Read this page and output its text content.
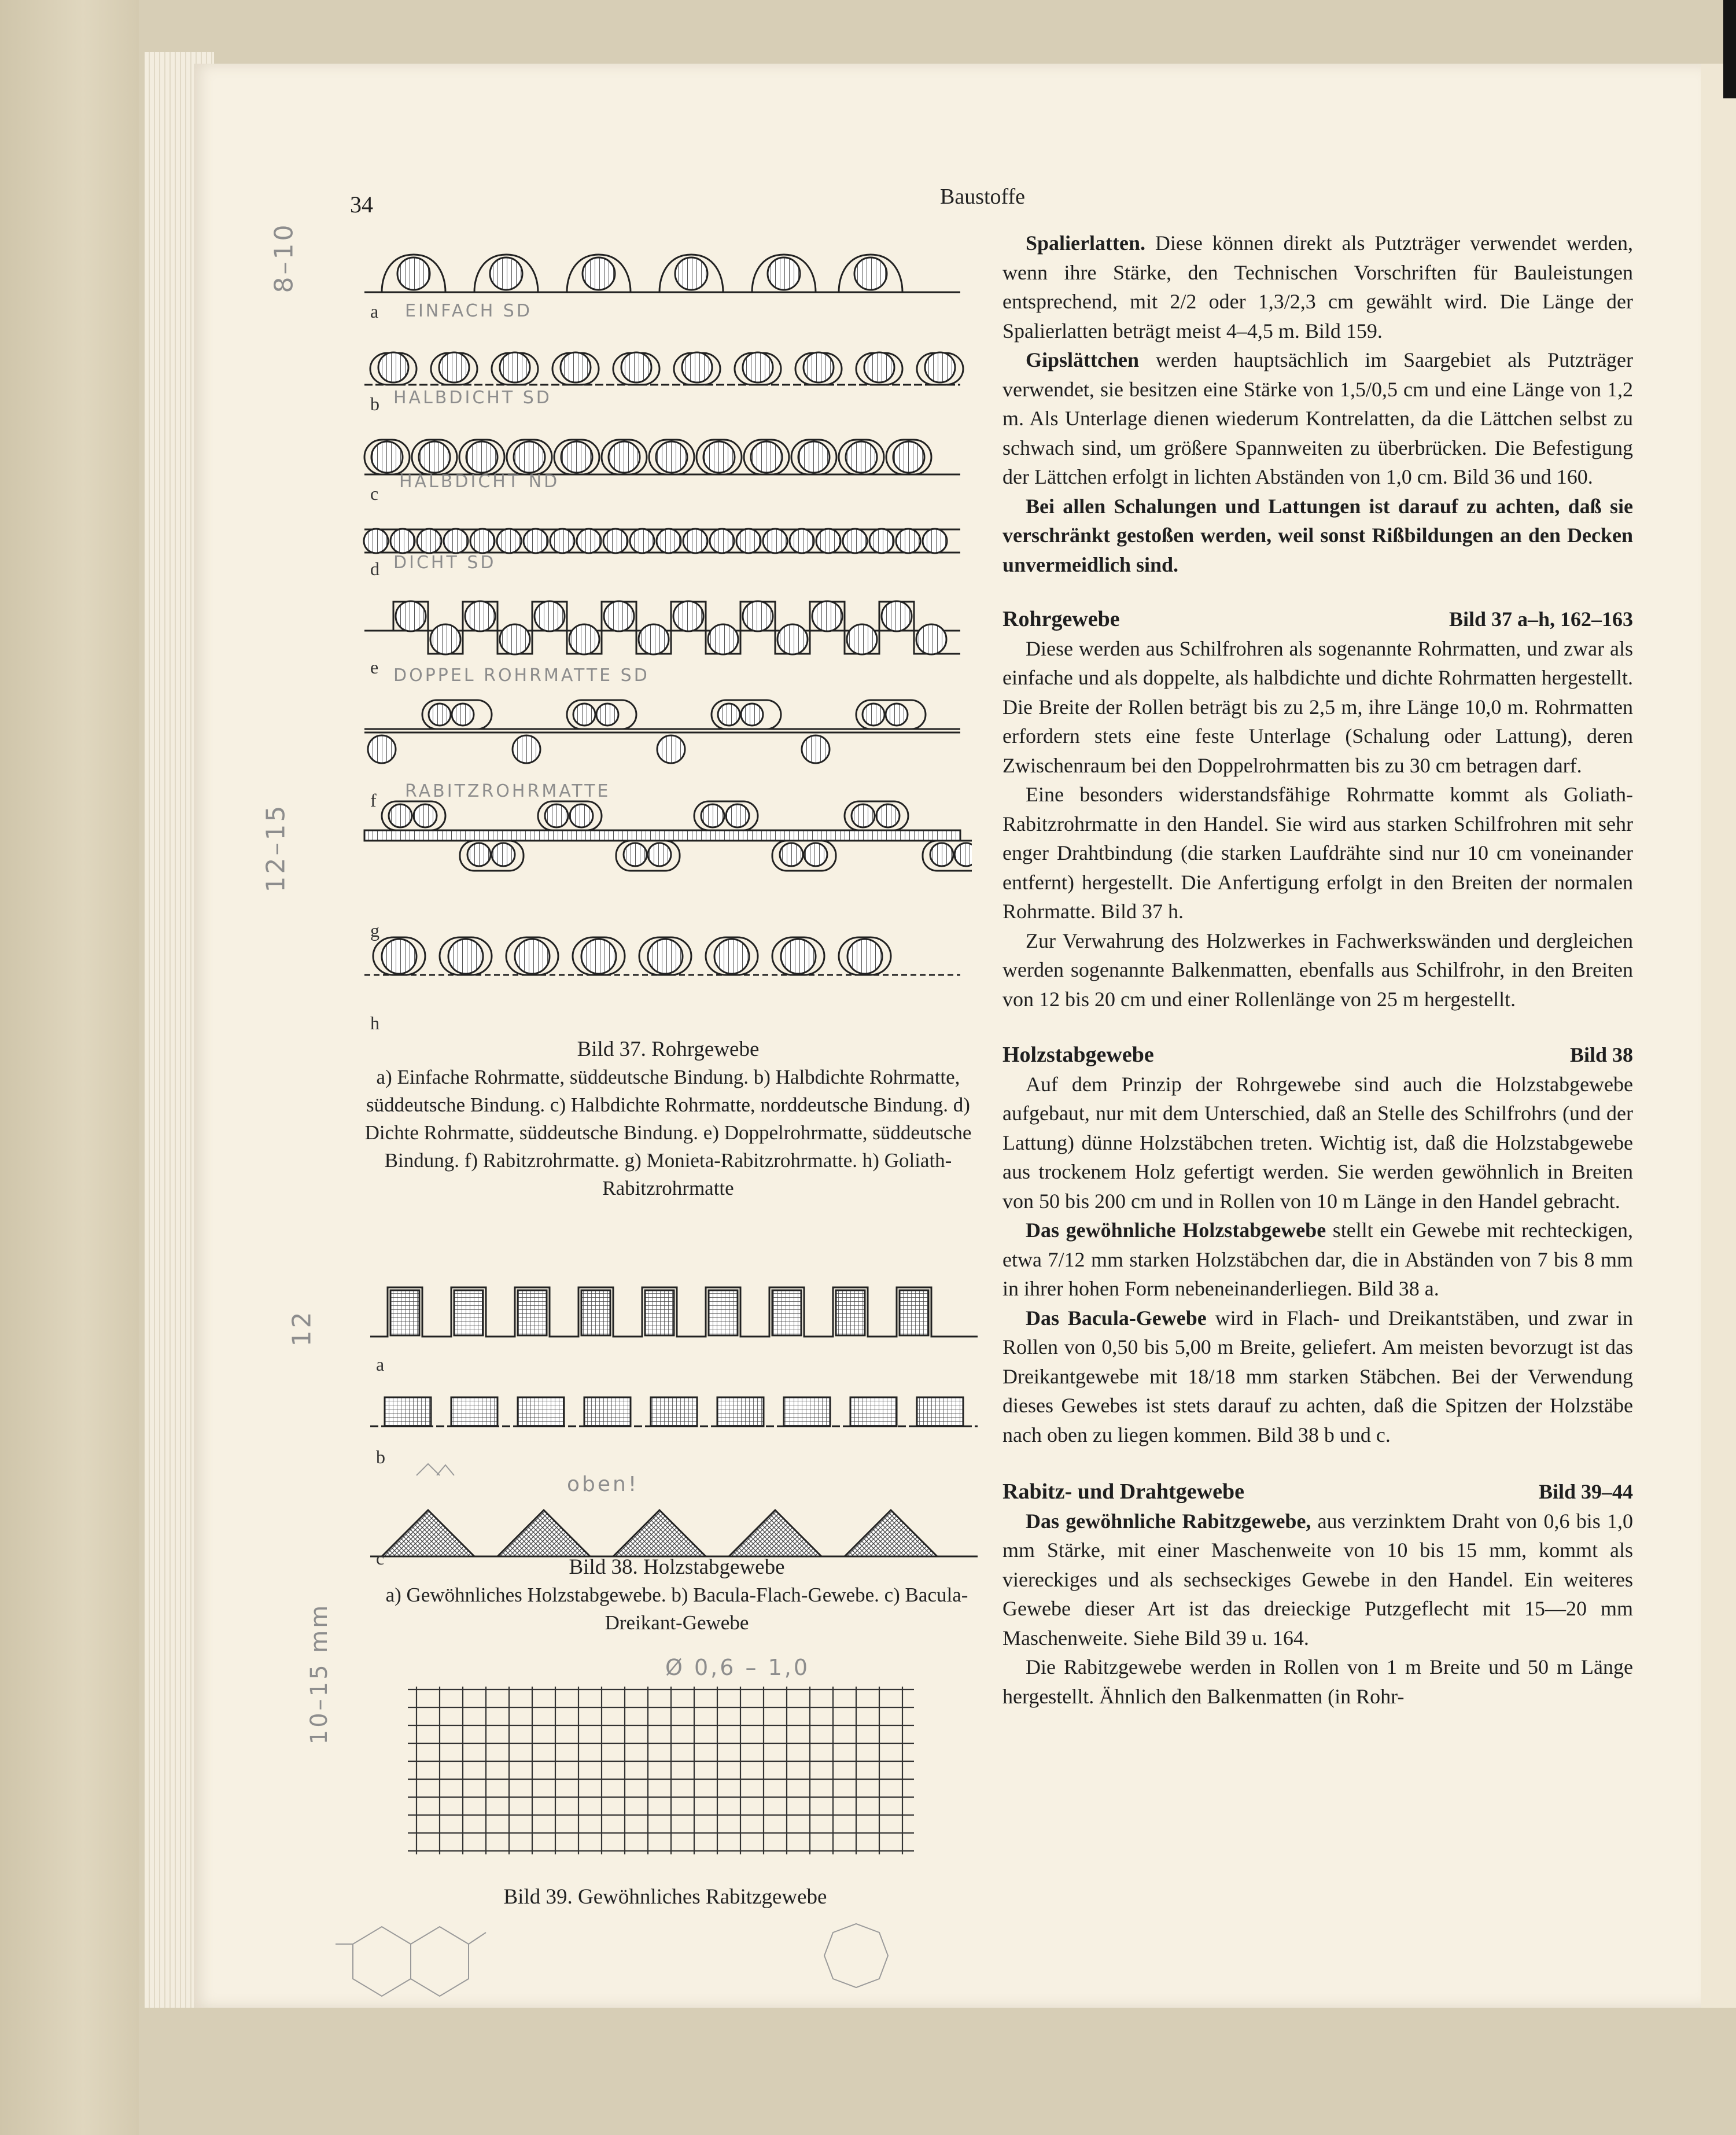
34	Baustoffe
a
b
c
d
e
f
g
h
EINFACH SD
HALBDICHT SD
HALBDICHT ND
DICHT SD
DOPPEL ROHRMATTE SD
RABITZROHRMATTE
Bild 37. Rohrgewebe
a) Einfache Rohrmatte, süddeutsche Bindung. b) Halbdichte Rohrmatte, süddeutsche Bindung. c) Halbdichte Rohrmatte, norddeutsche Bindung. d) Dichte Rohrmatte, süddeutsche Bindung. e) Doppelrohrmatte, süddeutsche Bindung. f) Rabitzrohrmatte. g) Monieta-Rabitzrohrmatte. h) Goliath-Rabitzrohrmatte
a
b
c
oben!
Bild 38. Holzstabgewebe
a) Gewöhnliches Holzstabgewebe. b) Bacula-Flach-Gewebe. c) Bacula-Dreikant-Gewebe
Ø 0,6 – 1,0
Bild 39. Gewöhnliches Rabitzgewebe
8–10
12–15
12
10–15 mm

Spalierlatten. Diese können direkt als Putzträger verwendet werden, wenn ihre Stärke, den Technischen Vorschriften für Bauleistungen entsprechend, mit 2/2 oder 1,3/2,3 cm gewählt wird. Die Länge der Spalierlatten beträgt meist 4–4,5 m. Bild 159.

Gipslättchen werden hauptsächlich im Saargebiet als Putzträger verwendet, sie besitzen eine Stärke von 1,5/0,5 cm und eine Länge von 1,2 m. Als Unterlage dienen wiederum Kontrelatten, da die Lättchen selbst zu schwach sind, um größere Spannweiten zu überbrücken. Die Befestigung der Lättchen erfolgt in lichten Abständen von 1,0 cm. Bild 36 und 160.

Bei allen Schalungen und Lattungen ist darauf zu achten, daß sie verschränkt gestoßen werden, weil sonst Rißbildungen an den Decken unvermeidlich sind.

Rohrgewebe	Bild 37 a–h, 162–163

Diese werden aus Schilfrohren als sogenannte Rohrmatten, und zwar als einfache und als doppelte, als halbdichte und dichte Rohrmatten hergestellt. Die Breite der Rollen beträgt bis zu 2,5 m, ihre Länge 10,0 m. Rohrmatten erfordern stets eine feste Unterlage (Schalung oder Lattung), deren Zwischenraum bei den Doppelrohrmatten bis zu 30 cm betragen darf.

Eine besonders widerstandsfähige Rohrmatte kommt als Goliath-Rabitzrohrmatte in den Handel. Sie wird aus starken Schilfrohren mit sehr enger Drahtbindung (die starken Laufdrähte sind nur 10 cm voneinander entfernt) hergestellt. Die Anfertigung erfolgt in den Breiten der normalen Rohrmatte. Bild 37 h.

Zur Verwahrung des Holzwerkes in Fachwerkswänden und dergleichen werden sogenannte Balkenmatten, ebenfalls aus Schilfrohr, in den Breiten von 12 bis 20 cm und einer Rollenlänge von 25 m hergestellt.

Holzstabgewebe	Bild 38

Auf dem Prinzip der Rohrgewebe sind auch die Holzstabgewebe aufgebaut, nur mit dem Unterschied, daß an Stelle des Schilfrohrs (und der Lattung) dünne Holzstäbchen treten. Wichtig ist, daß die Holzstabgewebe aus trockenem Holz gefertigt werden. Sie werden gewöhnlich in Breiten von 50 bis 200 cm und in Rollen von 10 m Länge in den Handel gebracht.

Das gewöhnliche Holzstabgewebe stellt ein Gewebe mit rechteckigen, etwa 7/12 mm starken Holzstäbchen dar, die in Abständen von 7 bis 8 mm in ihrer hohen Form nebeneinanderliegen. Bild 38 a.

Das Bacula-Gewebe wird in Flach- und Dreikantstäben, und zwar in Rollen von 0,50 bis 5,00 m Breite, geliefert. Am meisten bevorzugt ist das Dreikantgewebe mit 18/18 mm starken Stäbchen. Bei der Verwendung dieses Gewebes ist stets darauf zu achten, daß die Spitzen der Holzstäbe nach oben zu liegen kommen. Bild 38 b und c.

Rabitz- und Drahtgewebe	Bild 39–44

Das gewöhnliche Rabitzgewebe, aus verzinktem Draht von 0,6 bis 1,0 mm Stärke, mit einer Maschenweite von 10 bis 15 mm, kommt als viereckiges und als sechseckiges Gewebe in den Handel. Ein weiteres Gewebe dieser Art ist das dreieckige Putzgeflecht mit 15—20 mm Maschenweite. Siehe Bild 39 u. 164.

Die Rabitzgewebe werden in Rollen von 1 m Breite und 50 m Länge hergestellt. Ähnlich den Balkenmatten (in Rohr-
